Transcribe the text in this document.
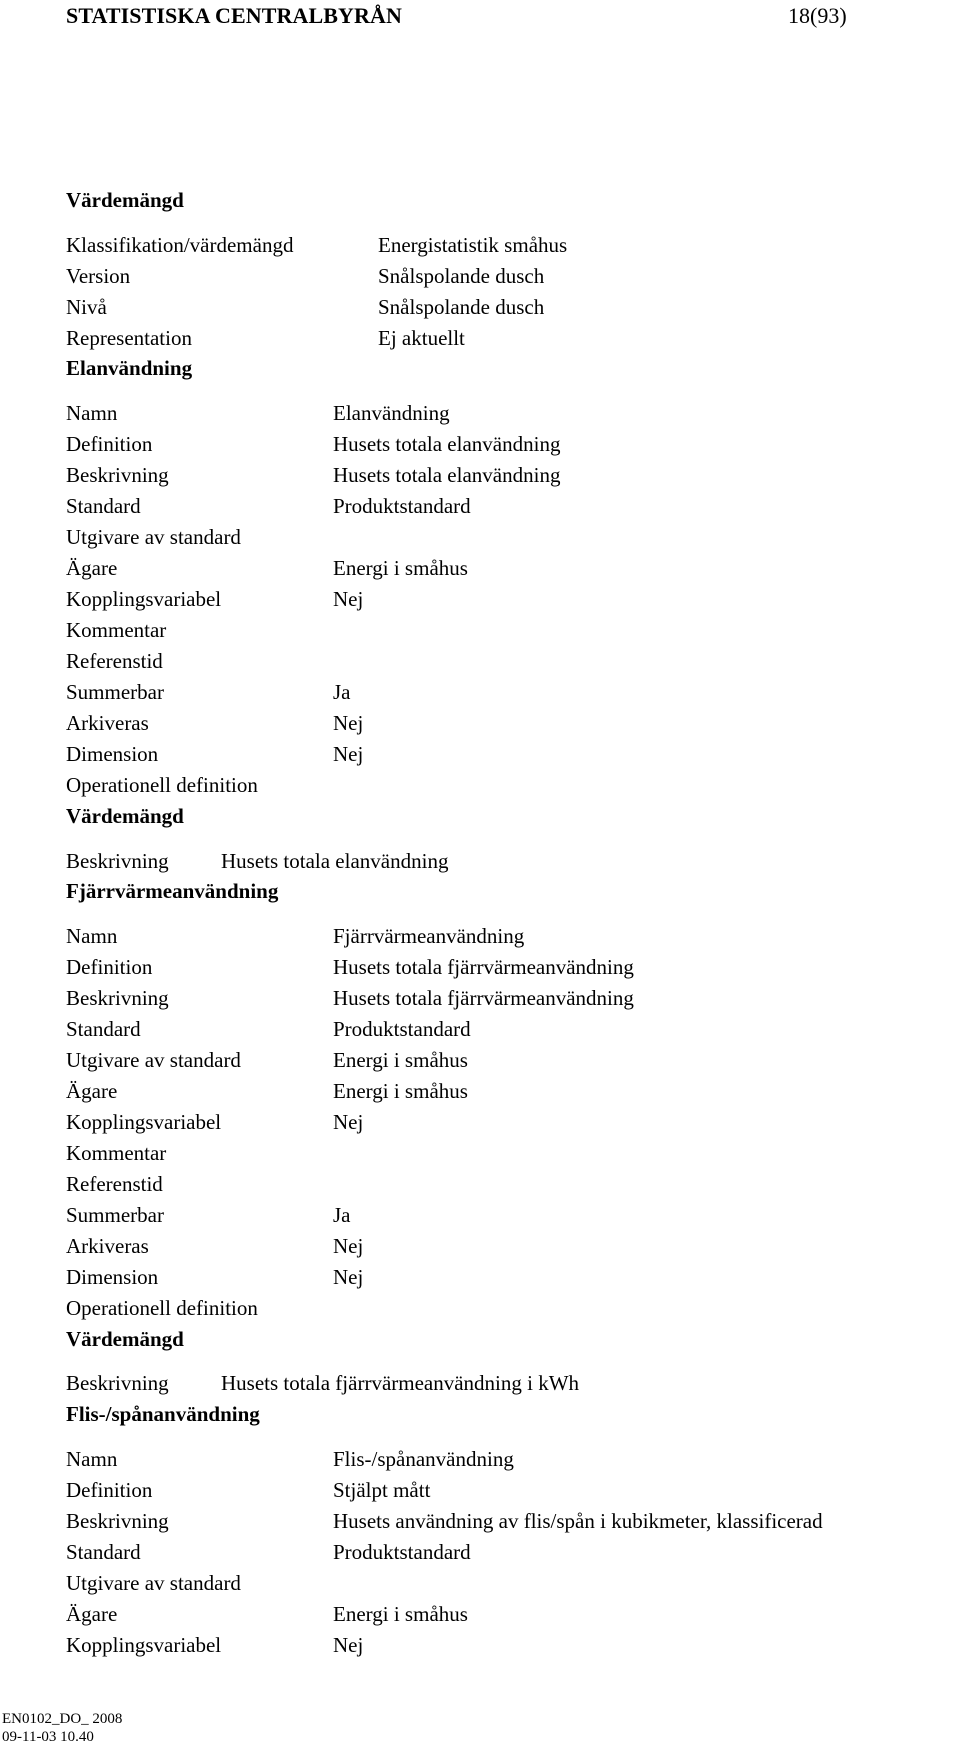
STATISTISKA CENTRALBYRÅN	18(93)
Värdemängd
Klassifikation/värdemängd	Energistatistik småhus
Version	Snålspolande dusch
Nivå	Snålspolande dusch
Representation	Ej aktuellt
Elanvändning
Namn	Elanvändning
Definition	Husets totala elanvändning
Beskrivning	Husets totala elanvändning
Standard	Produktstandard
Utgivare av standard
Ägare	Energi i småhus
Kopplingsvariabel	Nej
Kommentar
Referenstid
Summerbar	Ja
Arkiveras	Nej
Dimension	Nej
Operationell definition
Värdemängd
Beskrivning Husets totala elanvändning
Fjärrvärmeanvändning
Namn	Fjärrvärmeanvändning
Definition	Husets totala fjärrvärmeanvändning
Beskrivning	Husets totala fjärrvärmeanvändning
Standard	Produktstandard
Utgivare av standard	Energi i småhus
Ägare	Energi i småhus
Kopplingsvariabel	Nej
Kommentar
Referenstid
Summerbar	Ja
Arkiveras	Nej
Dimension	Nej
Operationell definition
Värdemängd
Beskrivning Husets totala fjärrvärmeanvändning i kWh
Flis-/spånanvändning
Namn	Flis-/spånanvändning
Definition	Stjälpt mått
Beskrivning	Husets användning av flis/spån i kubikmeter, klassificerad
Standard	Produktstandard
Utgivare av standard
Ägare	Energi i småhus
Kopplingsvariabel	Nej
EN0102_DO_ 2008
09-11-03 10.40
